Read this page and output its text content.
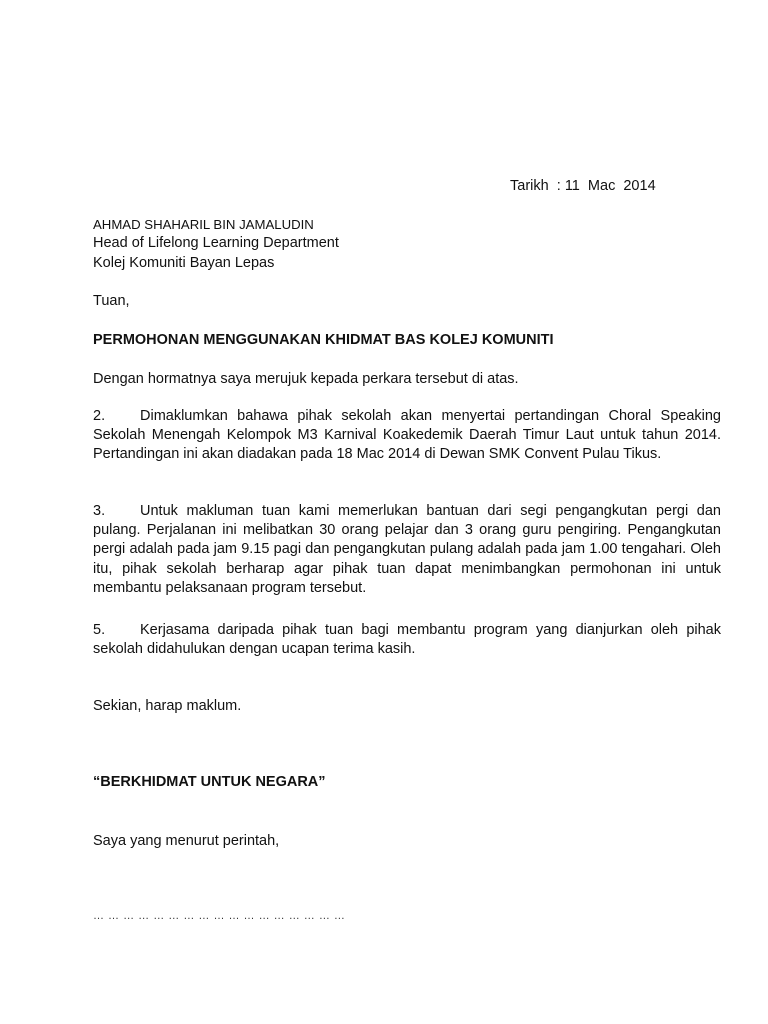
Tarikh : 11  Mac  2014
AHMAD SHAHARIL BIN JAMALUDIN
Head of Lifelong Learning Department
Kolej Komuniti Bayan Lepas
Tuan,
PERMOHONAN MENGGUNAKAN KHIDMAT BAS KOLEJ KOMUNITI
Dengan hormatnya saya merujuk kepada perkara tersebut di atas.
2. Dimaklumkan bahawa pihak sekolah akan menyertai pertandingan Choral Speaking Sekolah Menengah Kelompok M3 Karnival Koakedemik Daerah Timur Laut untuk tahun 2014. Pertandingan ini akan diadakan pada 18 Mac 2014 di Dewan SMK Convent Pulau Tikus.
3. Untuk makluman tuan kami memerlukan bantuan dari segi pengangkutan pergi dan pulang. Perjalanan ini melibatkan 30 orang pelajar dan 3 orang guru pengiring. Pengangkutan pergi adalah pada jam 9.15 pagi dan pengangkutan pulang adalah pada jam 1.00 tengahari. Oleh itu, pihak sekolah berharap agar pihak tuan dapat menimbangkan permohonan ini untuk membantu pelaksanaan program tersebut.
5. Kerjasama daripada pihak tuan bagi membantu program yang dianjurkan oleh pihak sekolah didahulukan dengan ucapan terima kasih.
Sekian, harap maklum.
“BERKHIDMAT UNTUK NEGARA”
Saya yang menurut perintah,
… … … … … … … … … … … … … … … … …
